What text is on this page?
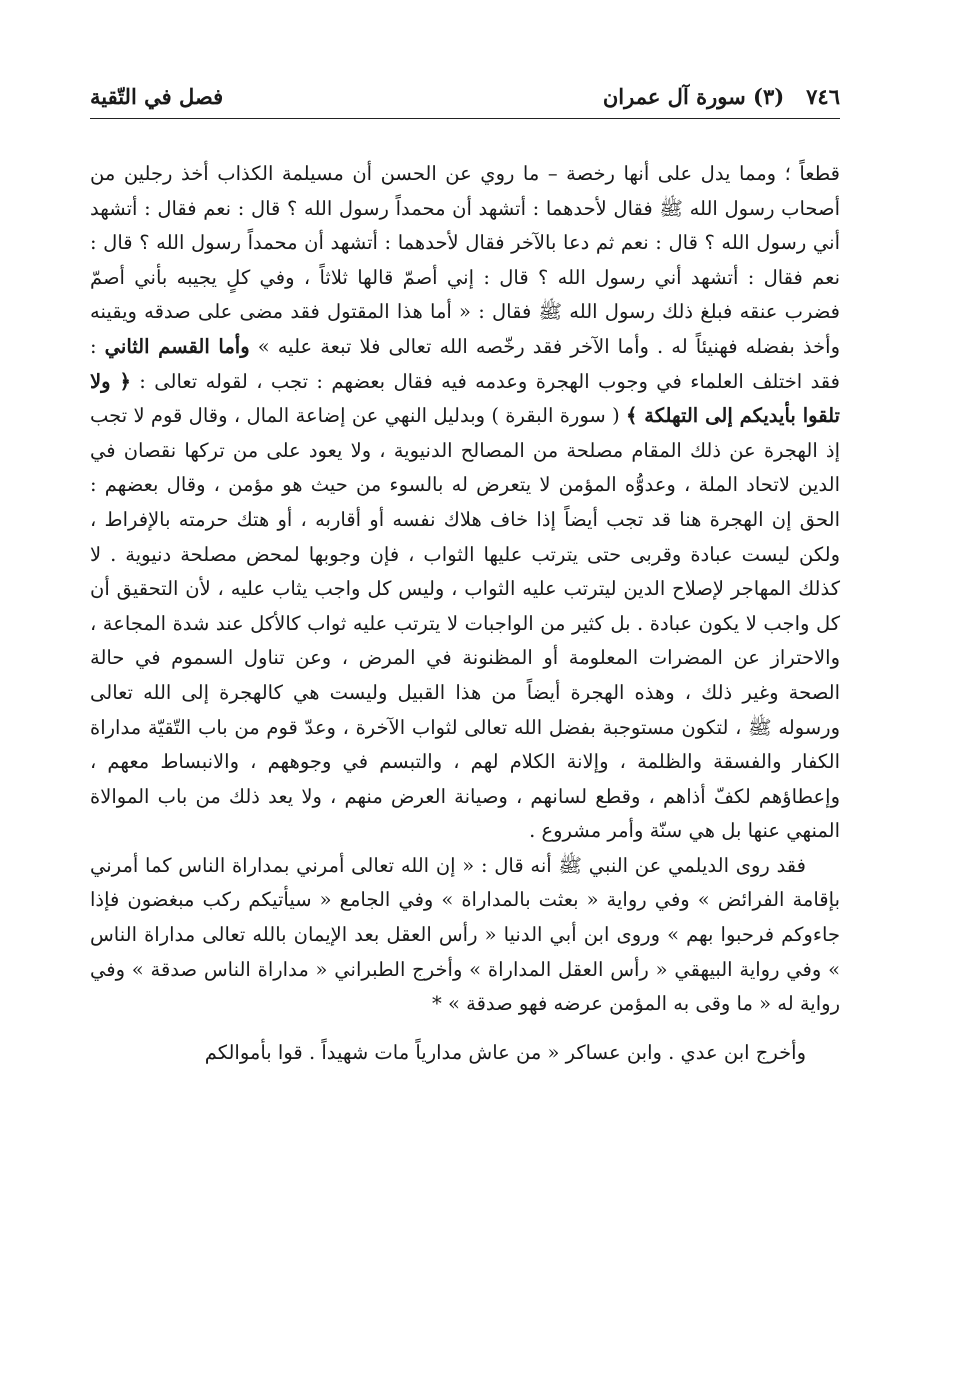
٧٤٦
(٣) سورة آل عمران
فصل في التّقية

قطعاً ؛ ومما يدل على أنها رخصة – ما روي عن الحسن أن مسيلمة الكذاب أخذ رجلين من أصحاب رسول الله ﷺ فقال لأحدهما : أتشهد أن محمداً رسول الله ؟ قال : نعم فقال : أتشهد أني رسول الله ؟ قال : نعم ثم دعا بالآخر فقال لأحدهما : أتشهد أن محمداً رسول الله ؟ قال : نعم فقال : أتشهد أني رسول الله ؟ قال : إني أصمّ قالها ثلاثاً ، وفي كلٍ يجيبه بأني أصمّ فضرب عنقه فبلغ ذلك رسول الله ﷺ فقال : « أما هذا المقتول فقد مضى على صدقه ويقينه وأخذ بفضله فهنيئاً له . وأما الآخر فقد رخّصه الله تعالى فلا تبعة عليه » وأما القسم الثاني : فقد اختلف العلماء في وجوب الهجرة وعدمه فيه فقال بعضهم : تجب ، لقوله تعالى : ﴿ ولا تلقوا بأيديكم إلى التهلكة ﴾ ( سورة البقرة ) وبدليل النهي عن إضاعة المال ، وقال قوم لا تجب إذ الهجرة عن ذلك المقام مصلحة من المصالح الدنيوية ، ولا يعود على من تركها نقصان في الدين لاتحاد الملة ، وعدوُّه المؤمن لا يتعرض له بالسوء من حيث هو مؤمن ، وقال بعضهم : الحق إن الهجرة هنا قد تجب أيضاً إذا خاف هلاك نفسه أو أقاربه ، أو هتك حرمته بالإفراط ، ولكن ليست عبادة وقربى حتى يترتب عليها الثواب ، فإن وجوبها لمحض مصلحة دنيوية . لا كذلك المهاجر لإصلاح الدين ليترتب عليه الثواب ، وليس كل واجب يثاب عليه ، لأن التحقيق أن كل واجب لا يكون عبادة . بل كثير من الواجبات لا يترتب عليه ثواب كالأكل عند شدة المجاعة ، والاحتراز عن المضرات المعلومة أو المظنونة في المرض ، وعن تناول السموم في حالة الصحة وغير ذلك ، وهذه الهجرة أيضاً من هذا القبيل وليست هي كالهجرة إلى الله تعالى ورسوله ﷺ ، لتكون مستوجبة بفضل الله تعالى لثواب الآخرة ، وعدّ قوم من باب التّقيّة مداراة الكفار والفسقة والظلمة ، وإلانة الكلام لهم ، والتبسم في وجوههم ، والانبساط معهم ، وإعطاؤهم لكفّ أذاهم ، وقطع لسانهم ، وصيانة العرض منهم ، ولا يعد ذلك من باب الموالاة المنهي عنها بل هي سنّة وأمر مشروع .

فقد روى الديلمي عن النبي ﷺ أنه قال : « إن الله تعالى أمرني بمداراة الناس كما أمرني بإقامة الفرائض » وفي رواية « بعثت بالمداراة » وفي الجامع « سيأتيكم ركب مبغضون فإذا جاءوكم فرحبوا بهم » وروى ابن أبي الدنيا « رأس العقل بعد الإيمان بالله تعالى مداراة الناس » وفي رواية البيهقي « رأس العقل المداراة » وأخرج الطبراني « مداراة الناس صدقة » وفي رواية له « ما وقى به المؤمن عرضه فهو صدقة » *

وأخرج ابن عدي . وابن عساكر « من عاش مدارياً مات شهيداً . قوا بأموالكم
